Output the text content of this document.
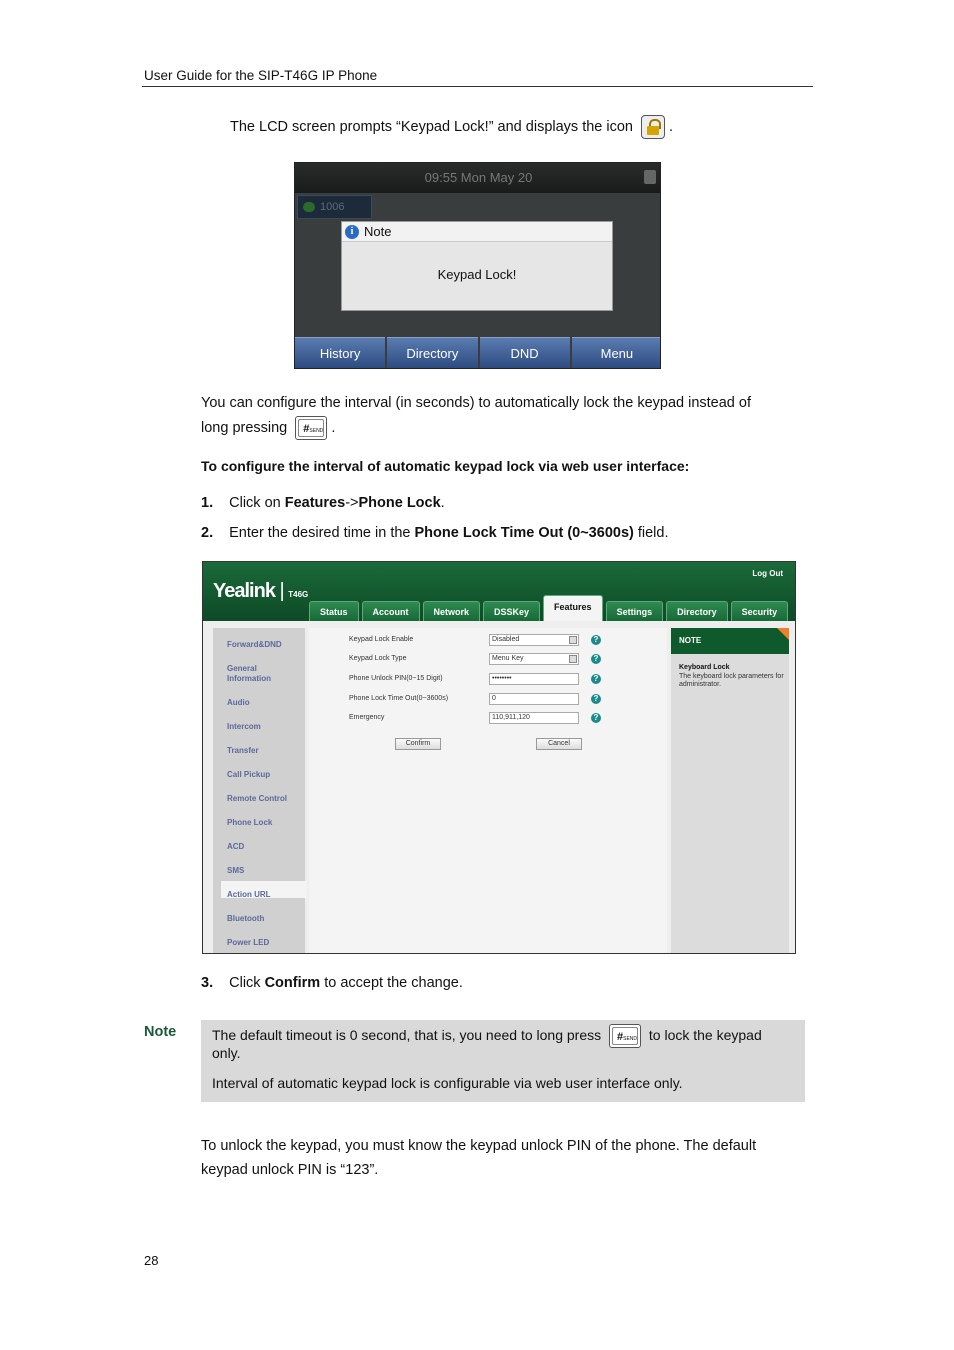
User Guide for the SIP-T46G IP Phone
The LCD screen prompts “Keypad Lock!” and displays the icon .
09:55 Mon May 20
1006
i Note
Keypad Lock!
History	Directory	DND	Menu
You can configure the interval (in seconds) to automatically lock the keypad instead of
long pressing	#SEND .
To configure the interval of automatic keypad lock via web user interface:
1. Click on Features->Phone Lock.
2. Enter the desired time in the Phone Lock Time Out (0~3600s) field.
Yealink | T46G
Log Out
Status	Account	Network	DSSKey	Features	Settings	Directory	Security
Forward&DND
General
Information
Audio
Intercom
Transfer
Call Pickup
Remote Control
Phone Lock
ACD
SMS
Action URL
Bluetooth
Power LED
Keypad Lock Enable	Disabled	?
Keypad Lock Type	Menu Key	?
Phone Unlock PIN(0~15 Digit)	••••••••	?
Phone Lock Time Out(0~3600s)	0	?
Emergency	110,911,120	?
Confirm	Cancel
NOTE
Keyboard Lock
The keyboard lock parameters for administrator.
3. Click Confirm to accept the change.
Note	The default timeout is 0 second, that is, you need to long press	#SEND to lock the keypad
only.
Interval of automatic keypad lock is configurable via web user interface only.
To unlock the keypad, you must know the keypad unlock PIN of the phone. The default
keypad unlock PIN is “123”.
28
